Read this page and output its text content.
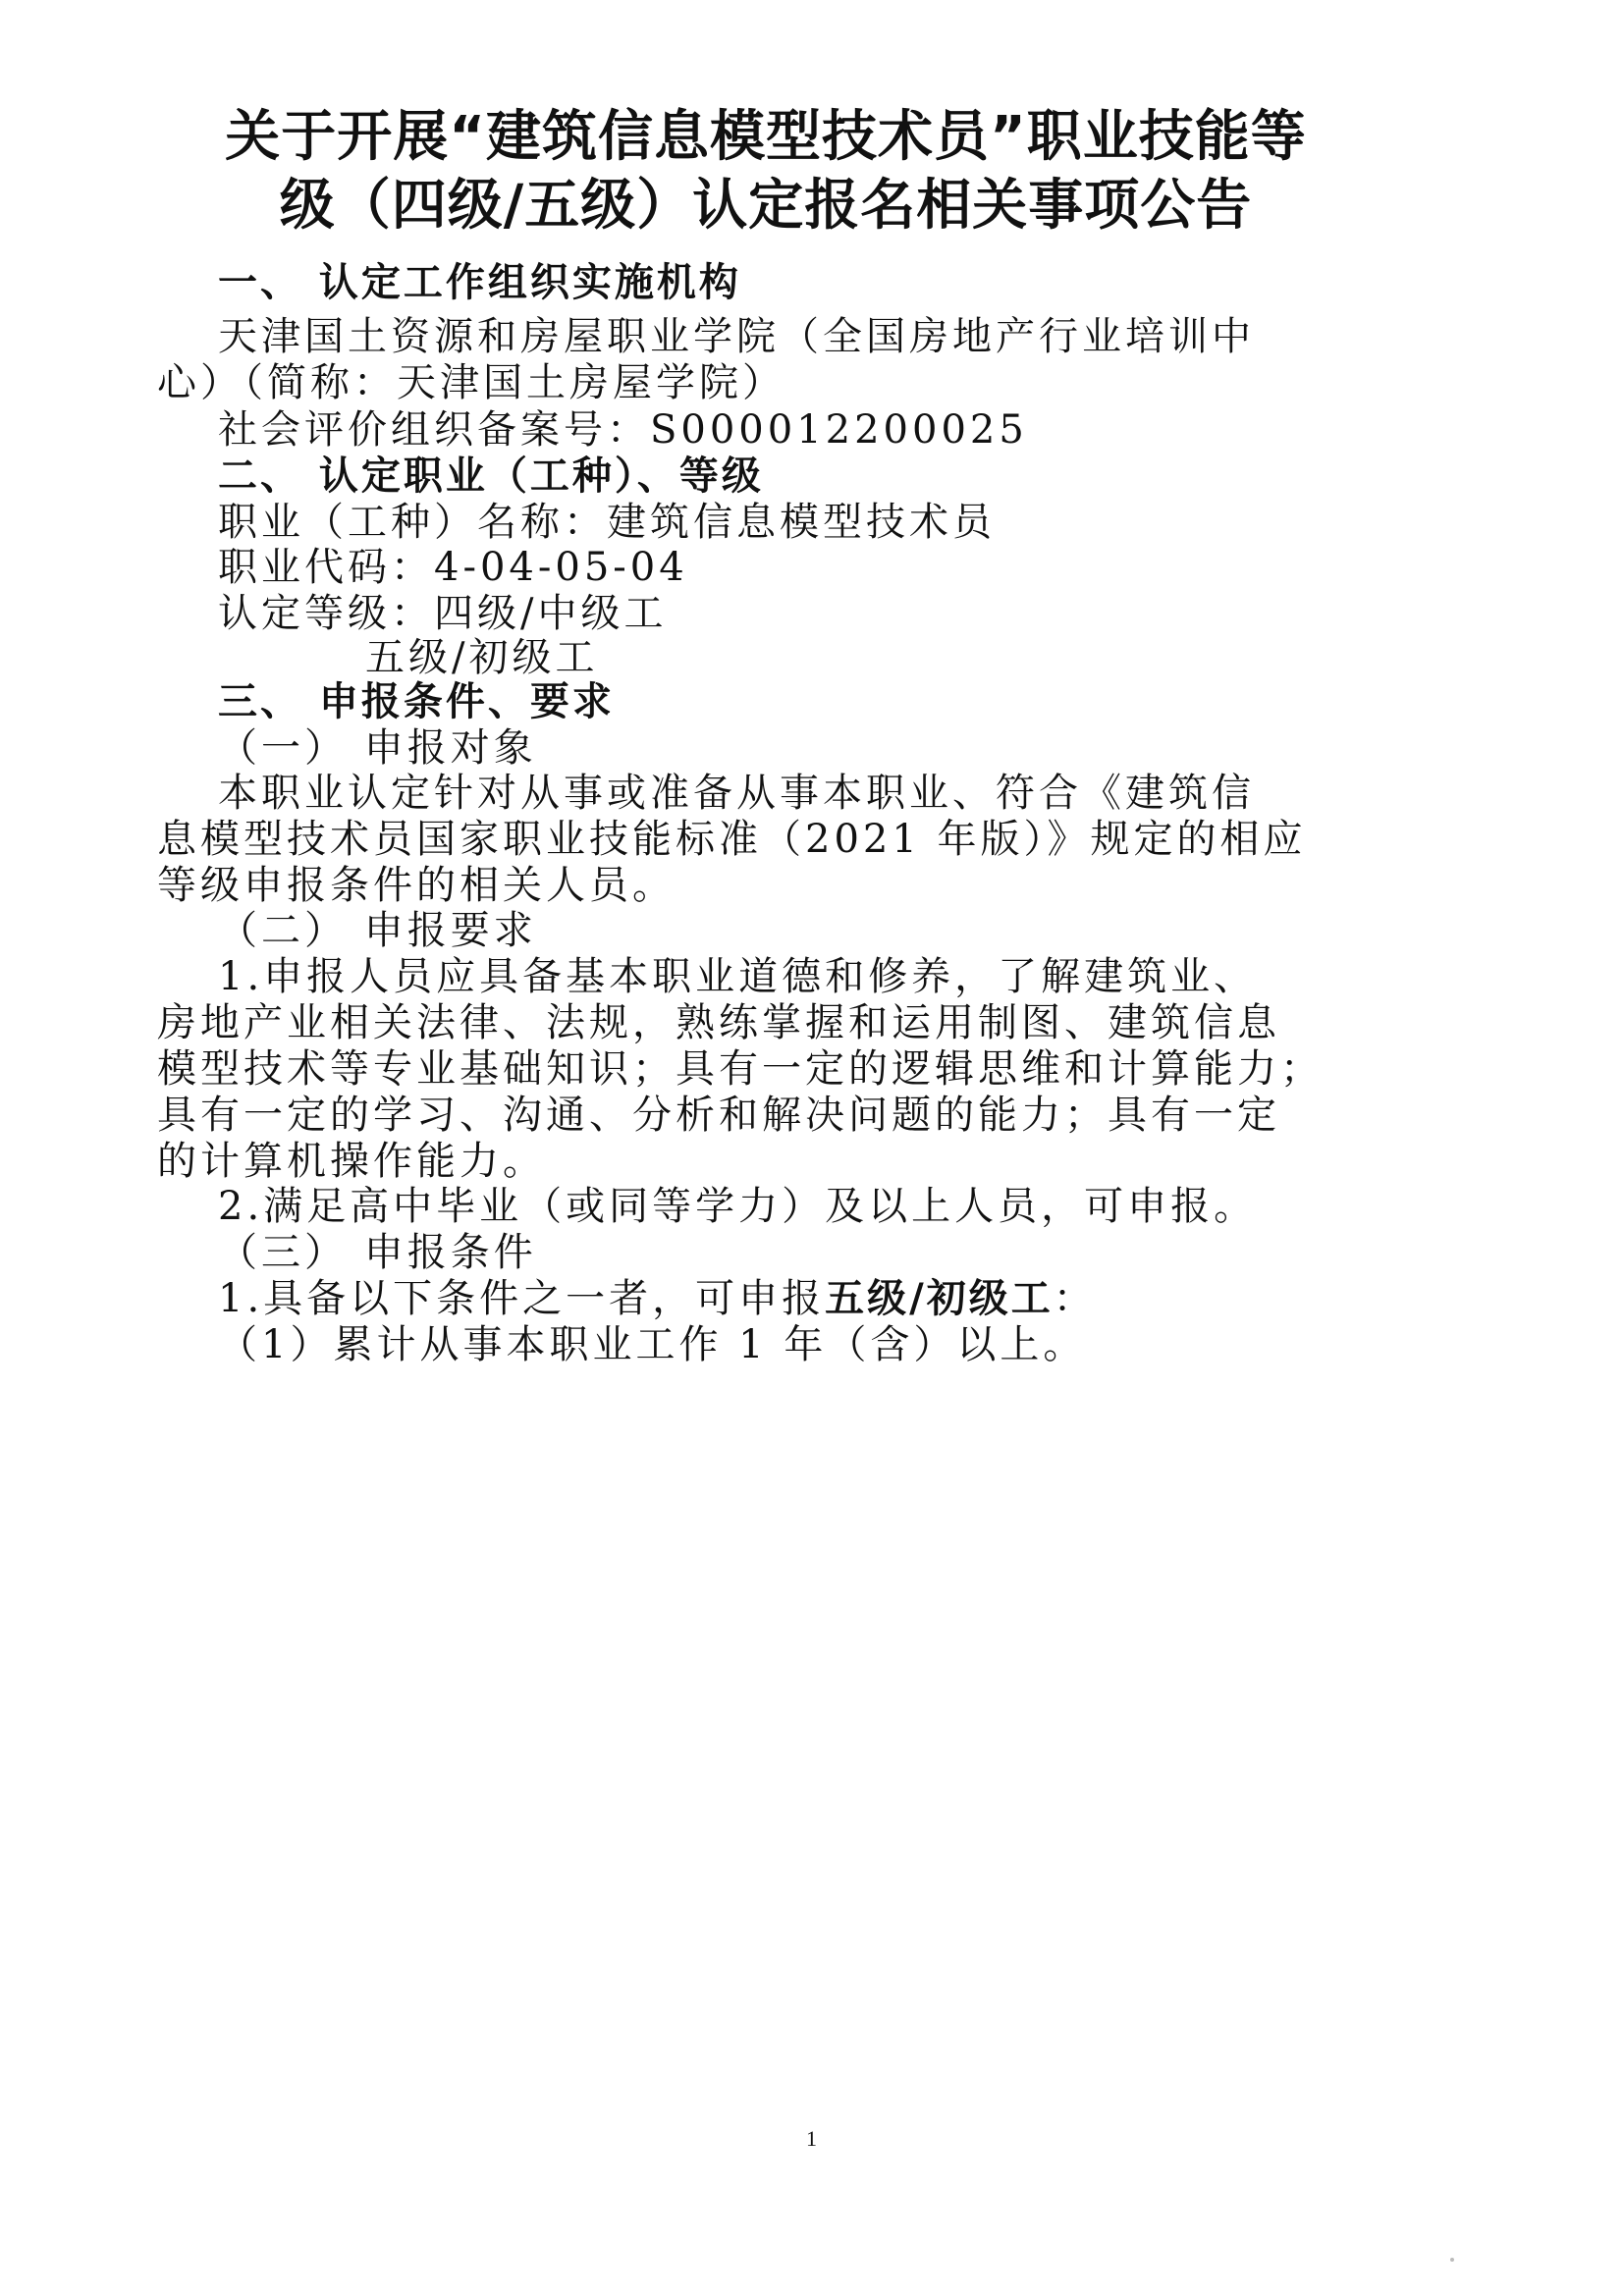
关于开展“建筑信息模型技术员”职业技能等
级（四级/五级）认定报名相关事项公告

一、 认定工作组织实施机构

天津国土资源和房屋职业学院（全国房地产行业培训中

心）（简称：天津国土房屋学院）

社会评价组织备案号：S000012200025

二、 认定职业（工种）、等级

职业（工种）名称：建筑信息模型技术员

职业代码：4-04-05-04

认定等级：四级/中级工

五级/初级工

三、 申报条件、要求

（一） 申报对象

本职业认定针对从事或准备从事本职业、符合《建筑信

息模型技术员国家职业技能标准（2021 年版）》规定的相应

等级申报条件的相关人员。

（二） 申报要求

1.申报人员应具备基本职业道德和修养，了解建筑业、

房地产业相关法律、法规，熟练掌握和运用制图、建筑信息

模型技术等专业基础知识；具有一定的逻辑思维和计算能力；

具有一定的学习、沟通、分析和解决问题的能力；具有一定

的计算机操作能力。

2.满足高中毕业（或同等学力）及以上人员，可申报。

（三） 申报条件

1.具备以下条件之一者，可申报五级/初级工：

（1）累计从事本职业工作 1 年（含）以上。

1
